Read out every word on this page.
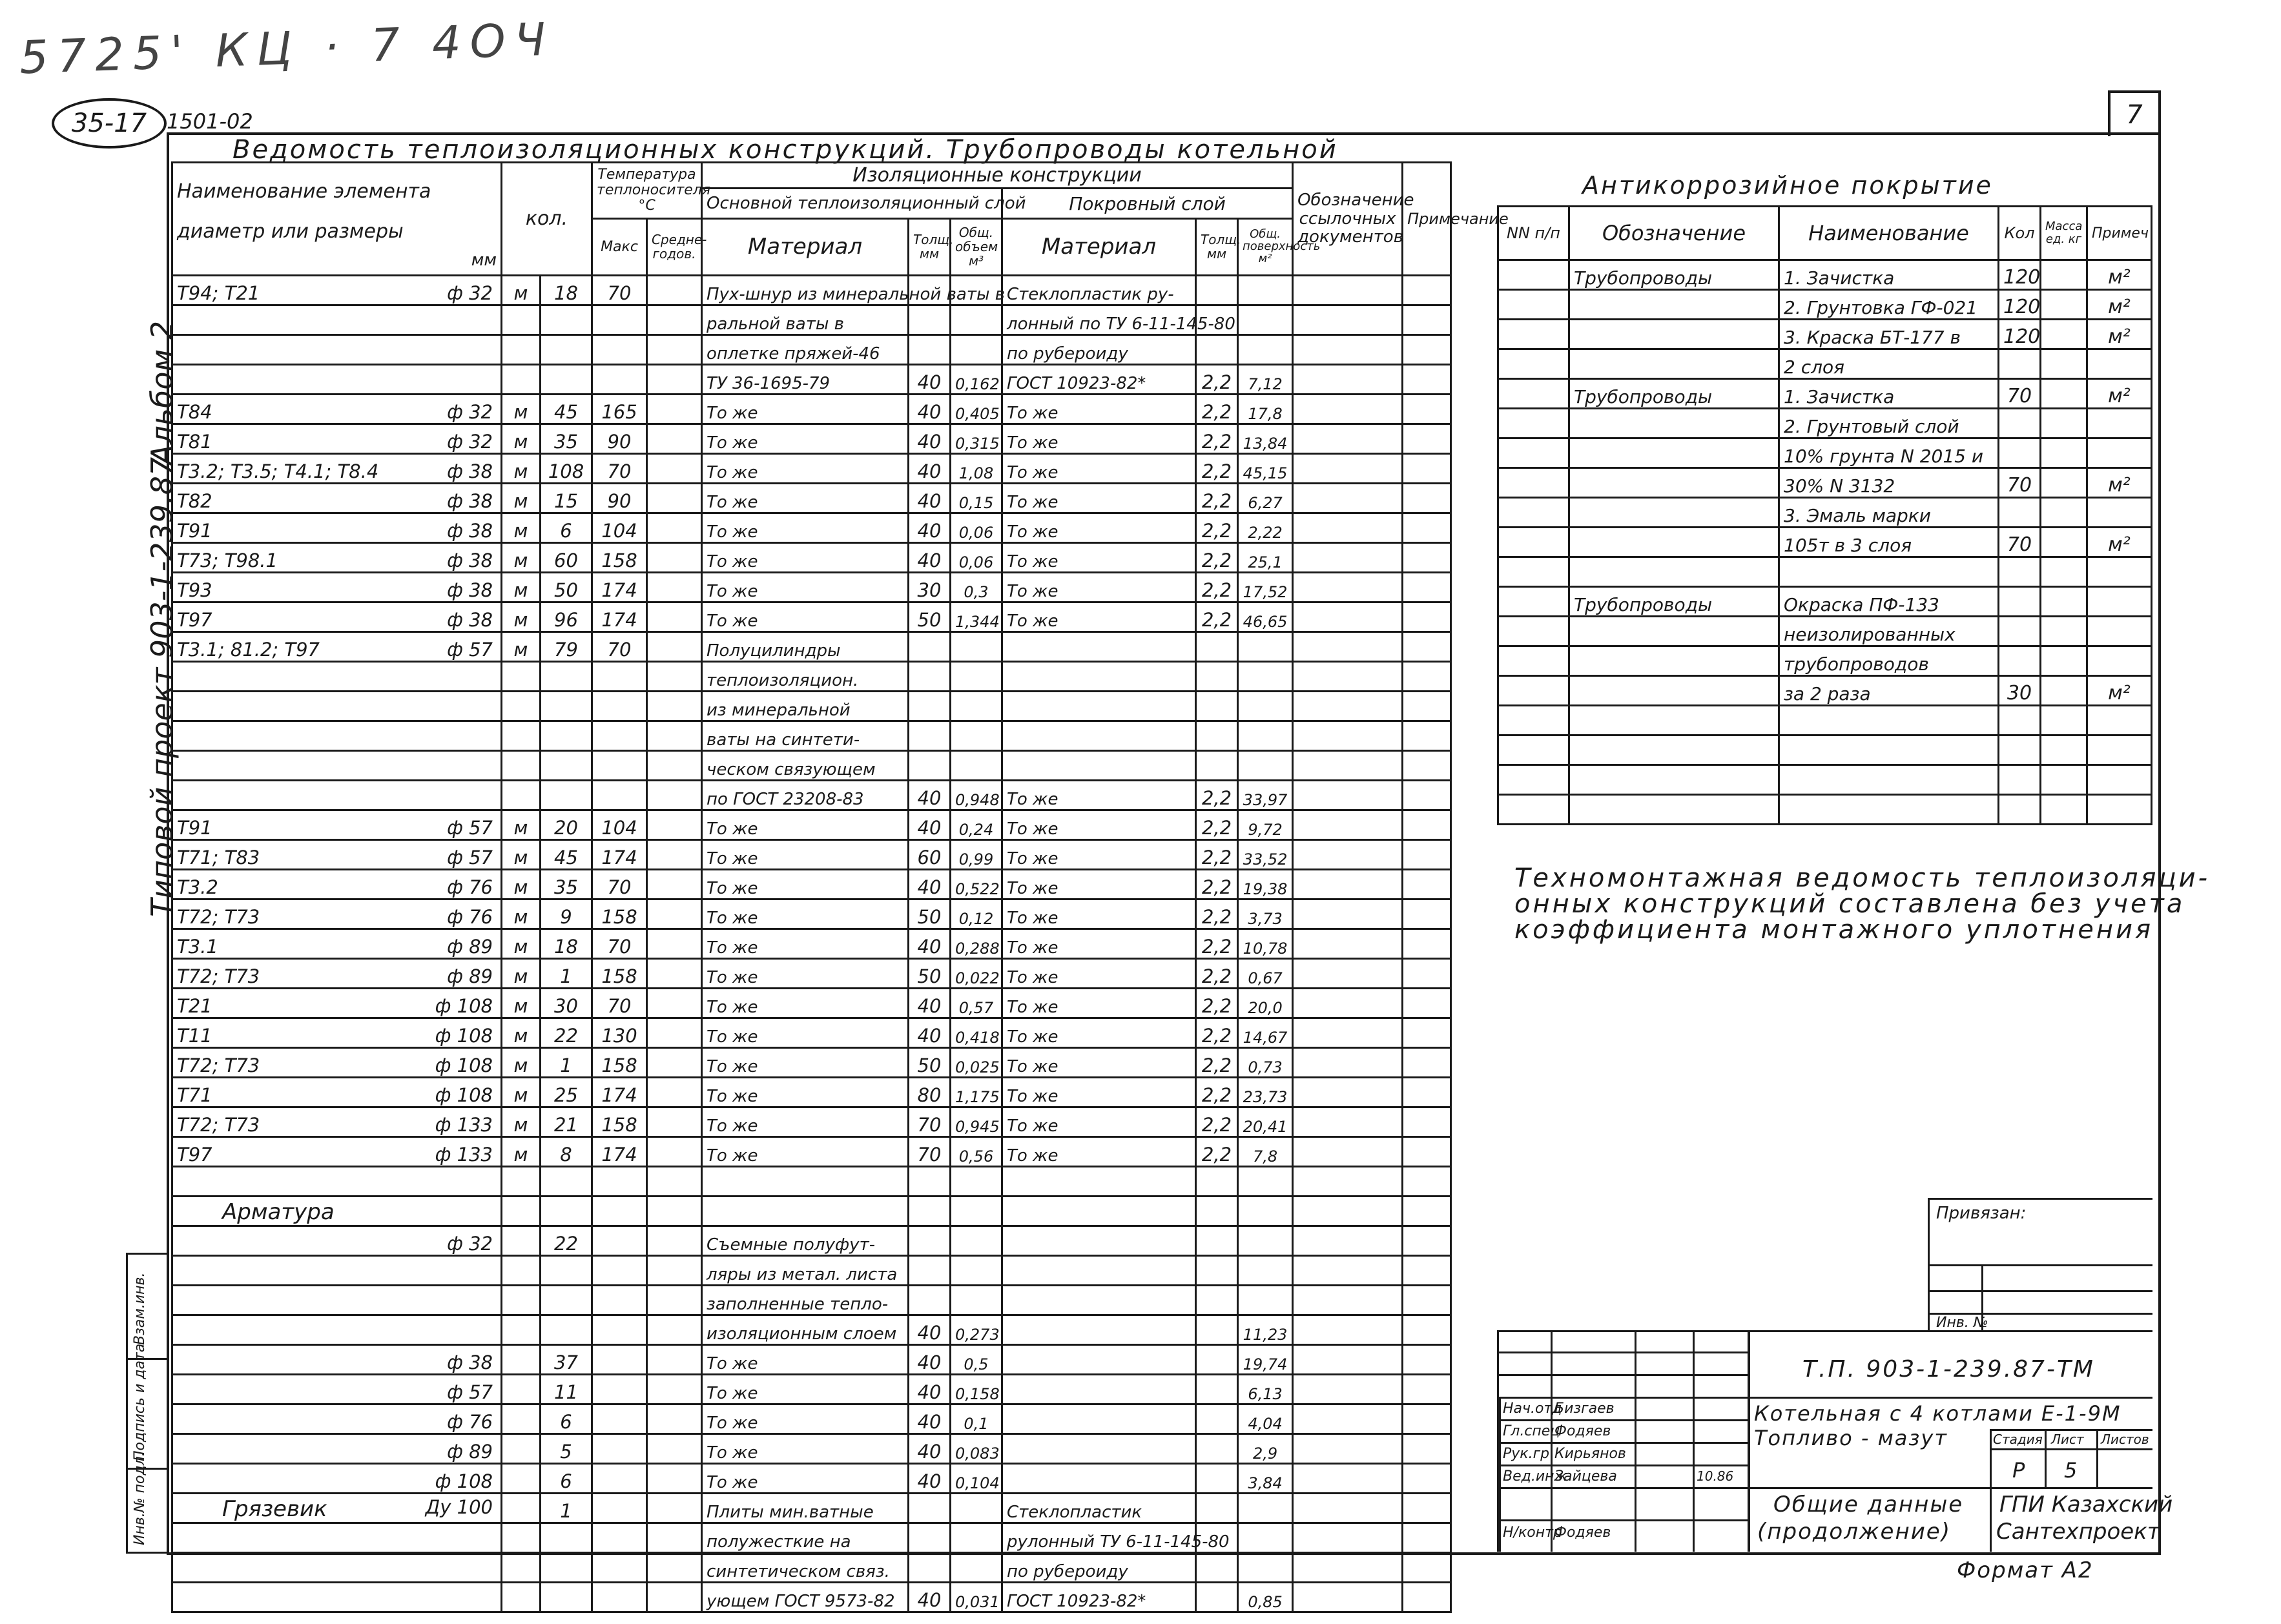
5725' КЦ · 7 4ОЧ
35-17 1501-02	7
Взам.инв.
Подпись и дата
Инв.№ подл.
Альбом 2
Типовой проект 903-1-239.87
Ведомость теплоизоляционных конструкций. Трубопроводы котельной
Наименование элемента
диаметр или размеры
мм	кол.		Температура теплоносителя °С		Изоляционные конструкции						Обозначение ссылочных документов	Примечание
					Основной теплоизоляционный слой			Покровный слой				
			Макс	Средне-годов.	Материал	Толщ. мм	Общ. объем м³	Материал	Толщ. мм	Общ. поверхность м²		
Т94; Т21 ф 32	м	18	70		Пух-шнур из минеральной ваты в			Стеклопластик ру-				

					ральной ваты в			лонный по ТУ 6-11-145-80				

					оплетке пряжей-46			по рубероиду				

					ТУ 36-1695-79	40	0,162	ГОСТ 10923-82*	2,2	7,12		
Т84 ф 32	м	45	165		То же	40	0,405	То же	2,2	17,8		
Т81 ф 32	м	35	90		То же	40	0,315	То же	2,2	13,84		
Т3.2; Т3.5; Т4.1; Т8.4 ф 38	м	108	70		То же	40	1,08	То же	2,2	45,15		
Т82 ф 38	м	15	90		То же	40	0,15	То же	2,2	6,27		
Т91 ф 38	м	6	104		То же	40	0,06	То же	2,2	2,22		
Т73; Т98.1 ф 38	м	60	158		То же	40	0,06	То же	2,2	25,1		
Т93 ф 38	м	50	174		То же	30	0,3	То же	2,2	17,52		
Т97 ф 38	м	96	174		То же	50	1,344	То же	2,2	46,65		
Т3.1; 81.2; Т97 ф 57	м	79	70		Полуцилиндры							

					теплоизоляцион.							

					из минеральной							

					ваты на синтети-							

					ческом связующем							

					по ГОСТ 23208-83	40	0,948	То же	2,2	33,97		
Т91 ф 57	м	20	104		То же	40	0,24	То же	2,2	9,72		
Т71; Т83 ф 57	м	45	174		То же	60	0,99	То же	2,2	33,52		
Т3.2 ф 76	м	35	70		То же	40	0,522	То же	2,2	19,38		
Т72; Т73 ф 76	м	9	158		То же	50	0,12	То же	2,2	3,73		
Т3.1 ф 89	м	18	70		То же	40	0,288	То же	2,2	10,78		
Т72; Т73 ф 89	м	1	158		То же	50	0,022	То же	2,2	0,67		
Т21 ф 108	м	30	70		То же	40	0,57	То же	2,2	20,0		
Т11 ф 108	м	22	130		То же	40	0,418	То же	2,2	14,67		
Т72; Т73 ф 108	м	1	158		То же	50	0,025	То же	2,2	0,73		
Т71 ф 108	м	25	174		То же	80	1,175	То же	2,2	23,73		
Т72; Т73 ф 133	м	21	158		То же	70	0,945	То же	2,2	20,41		
Т97 ф 133	м	8	174		То же	70	0,56	То же	2,2	7,8		

Арматура

ф 32		22			Съемные полуфут-							

					ляры из метал. листа							

					заполненные тепло-							

					изоляционным слоем	40	0,273			11,23		

ф 38		37			То же	40	0,5			19,74		

ф 57		11			То же	40	0,158			6,13		

ф 76		6			То же	40	0,1			4,04		

ф 89		5			То же	40	0,083			2,9		

ф 108		6			То же	40	0,104			3,84		
Грязевик Ду 100		1			Плиты мин.ватные			Стеклопластик				

					полужесткие на			рулонный ТУ 6-11-145-80				

					синтетическом связ.			по рубероиду				

					ующем ГОСТ 9573-82	40	0,031	ГОСТ 10923-82*		0,85		
Антикоррозийное покрытие
NN п/п	Обозначение	Наименование	Кол	Масса ед. кг	Примеч
	Трубопроводы	1. Зачистка	120		м²
		2. Грунтовка ГФ-021	120		м²
		3. Краска БТ-177 в	120		м²
		2 слоя			
	Трубопроводы	1. Зачистка	70		м²
		2. Грунтовый слой			
		10% грунта N 2015 и			
		30% N 3132	70		м²
		3. Эмаль марки			
		105т в 3 слоя	70		м²

	Трубопроводы	Окраска ПФ-133			
		неизолированных			
		трубопроводов			
		за 2 раза	30		м²

Техномонтажная ведомость теплоизоляци-
онных конструкций составлена без учета
коэффициента монтажного уплотнения
Привязан:
Инв. №
Т.П. 903-1-239.87-ТМ
Котельная с 4 котлами Е-1-9М
Топливо - мазут
Общие данные
(продолжение)
ГПИ Казахский
Сантехпроект
Стадия Лист Листов
Р 5
Нач.отд
Бизгаев
Гл.спец
Фодяев
Рук.гр Кирьянов
Вед.инж
Зайцева	10.86
Н/контр
Фодяев
Формат А2
